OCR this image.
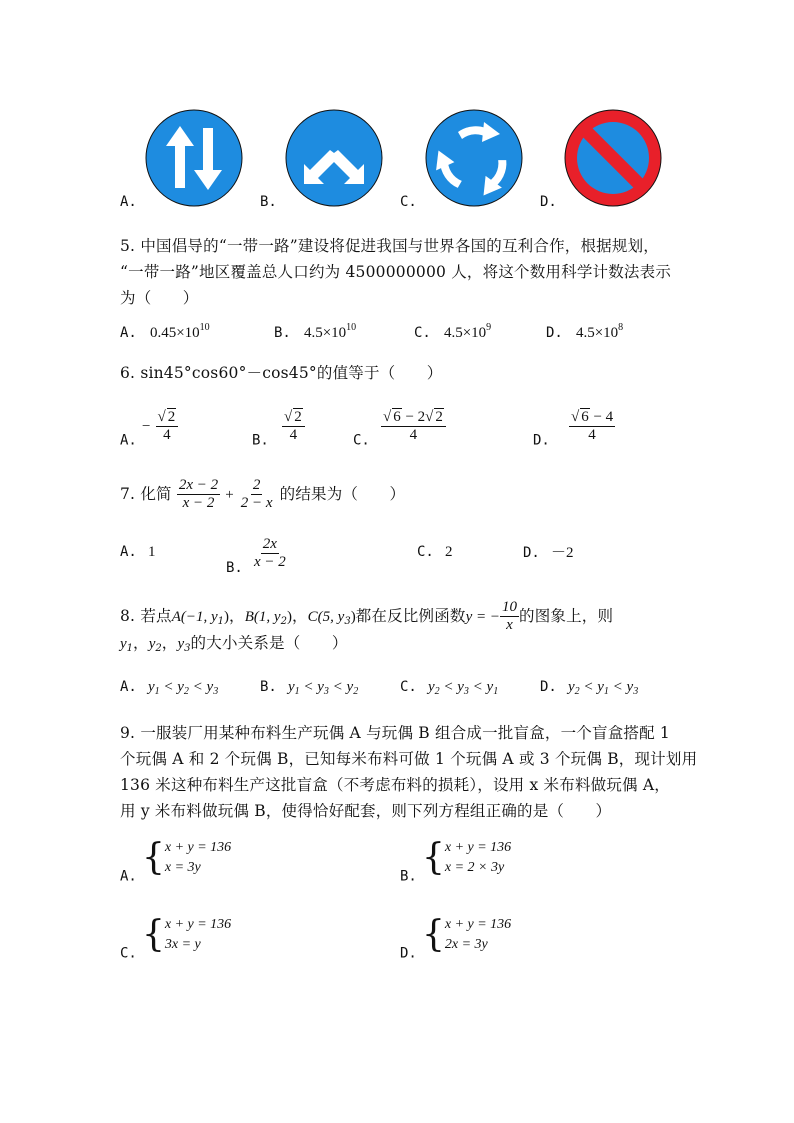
A.	B.	C.	D.
5. 中国倡导的“一带一路”建设将促进我国与世界各国的互利合作，根据规划，
“一带一路”地区覆盖总人口约为 4500000000 人，将这个数用科学计数法表示
为（　　）
A. $0.45\times 10^{10}$	B. $4.5\times 10^{10}$	C. $4.5\times 10^9$	D. $4.5\times 10^8$
6. sin45°cos60°－cos45°的值等于（　　）
A. − $\frac{√ 2}{4}$	B. $\frac{√ 2}{4}$	C. $\frac{√ 6 - 2√ 2}{4}$	D. $\frac{√ 6 - 4}{4}$
7. 化简 $\frac{2x - 2}{x - 2} + \frac{2}{2 - x}$ 的结果为（　　）
A. 1
B. $\frac{2x}{x - 2}$	C. 2	D. －2
8. 若点A(−1, $y_1$)，B(1, $y_2$)，C(5, $y_3$)都在反比例函数y = − $\frac{10}{x}$ 的图象上，则
$y_1$，$y_2$，$y_3$的大小关系是（　　）
A. $y_1 < y_2 < y_3$	B. $y_1 < y_3 < y_2$	C. $y_2 < y_3 < y_1$	D. $y_2 < y_1 < y_3$
9. 一服装厂用某种布料生产玩偶 A 与玩偶 B 组合成一批盲盒，一个盲盒搭配 1
个玩偶 A 和 2 个玩偶 B，已知每米布料可做 1 个玩偶 A 或 3 个玩偶 B，现计划用
136 米这种布料生产这批盲盒（不考虑布料的损耗），设用 x 米布料做玩偶 A，
用 y 米布料做玩偶 B，使得恰好配套，则下列方程组正确的是（　　）
A. { x + y = 136
x = 3y
B. { x + y = 136
x = 2 × 3y
C. { x + y = 136
3x = y
D. { x + y = 136
2x = 3y
